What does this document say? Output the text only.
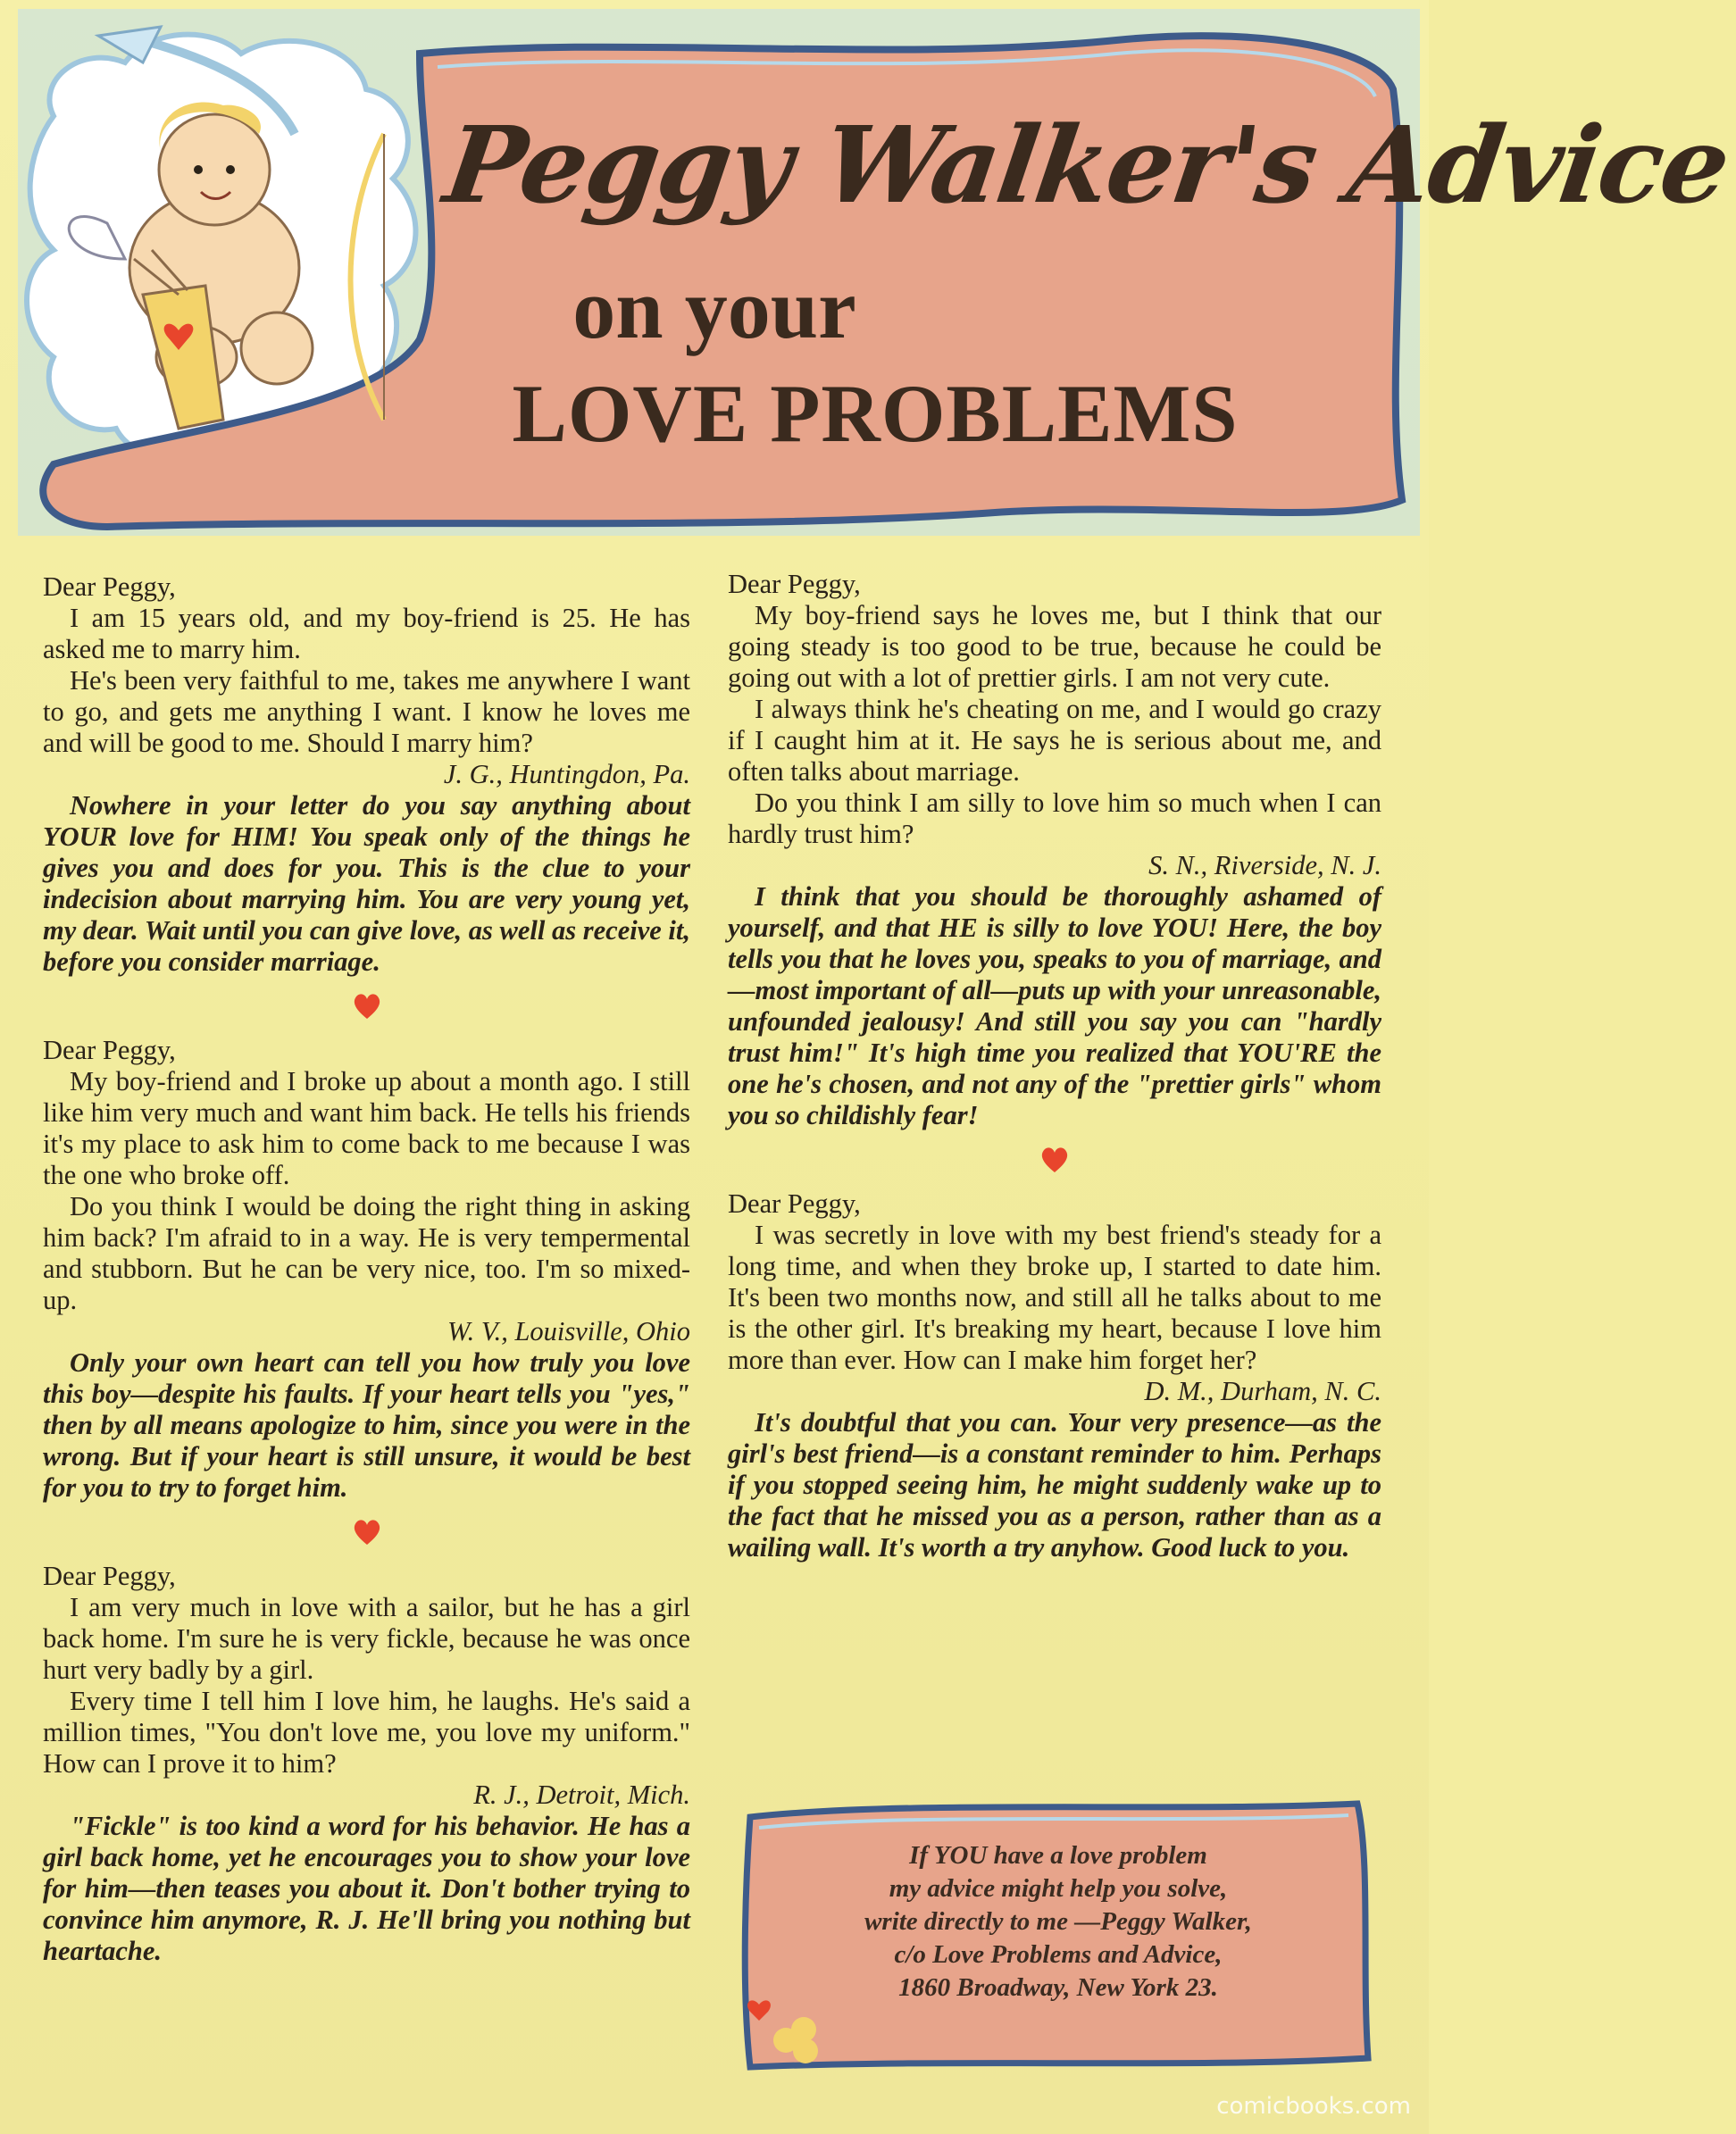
Peggy Walker's Advice
on your
LOVE PROBLEMS

Dear Peggy,

I am 15 years old, and my boy-friend is 25. He has asked me to marry him.

He's been very faithful to me, takes me anywhere I want to go, and gets me anything I want. I know he loves me and will be good to me. Should I marry him?

J. G., Huntingdon, Pa.

Nowhere in your letter do you say anything about YOUR love for HIM! You speak only of the things he gives you and does for you. This is the clue to your indecision about marrying him. You are very young yet, my dear. Wait until you can give love, as well as receive it, before you consider marriage.

Dear Peggy,

My boy-friend and I broke up about a month ago. I still like him very much and want him back. He tells his friends it's my place to ask him to come back to me because I was the one who broke off.

Do you think I would be doing the right thing in asking him back? I'm afraid to in a way. He is very tempermental and stubborn. But he can be very nice, too. I'm so mixed-up.

W. V., Louisville, Ohio

Only your own heart can tell you how truly you love this boy—despite his faults. If your heart tells you "yes," then by all means apologize to him, since you were in the wrong. But if your heart is still unsure, it would be best for you to try to forget him.

Dear Peggy,

I am very much in love with a sailor, but he has a girl back home. I'm sure he is very fickle, because he was once hurt very badly by a girl.

Every time I tell him I love him, he laughs. He's said a million times, "You don't love me, you love my uniform." How can I prove it to him?

R. J., Detroit, Mich.

"Fickle" is too kind a word for his behavior. He has a girl back home, yet he encourages you to show your love for him—then teases you about it. Don't bother trying to convince him anymore, R. J. He'll bring you nothing but heartache.

Dear Peggy,

My boy-friend says he loves me, but I think that our going steady is too good to be true, because he could be going out with a lot of prettier girls. I am not very cute.

I always think he's cheating on me, and I would go crazy if I caught him at it. He says he is serious about me, and often talks about marriage.

Do you think I am silly to love him so much when I can hardly trust him?

S. N., Riverside, N. J.

I think that you should be thoroughly ashamed of yourself, and that HE is silly to love YOU! Here, the boy tells you that he loves you, speaks to you of marriage, and—most important of all—puts up with your unreasonable, unfounded jealousy! And still you say you can "hardly trust him!" It's high time you realized that YOU'RE the one he's chosen, and not any of the "prettier girls" whom you so childishly fear!

Dear Peggy,

I was secretly in love with my best friend's steady for a long time, and when they broke up, I started to date him. It's been two months now, and still all he talks about to me is the other girl. It's breaking my heart, because I love him more than ever. How can I make him forget her?

D. M., Durham, N. C.

It's doubtful that you can. Your very presence—as the girl's best friend—is a constant reminder to him. Perhaps if you stopped seeing him, he might suddenly wake up to the fact that he missed you as a person, rather than as a wailing wall. It's worth a try anyhow. Good luck to you.

If YOU have a love problem
my advice might help you solve,
write directly to me —Peggy Walker,
c/o Love Problems and Advice,
1860 Broadway, New York 23.
comicbooks.com
